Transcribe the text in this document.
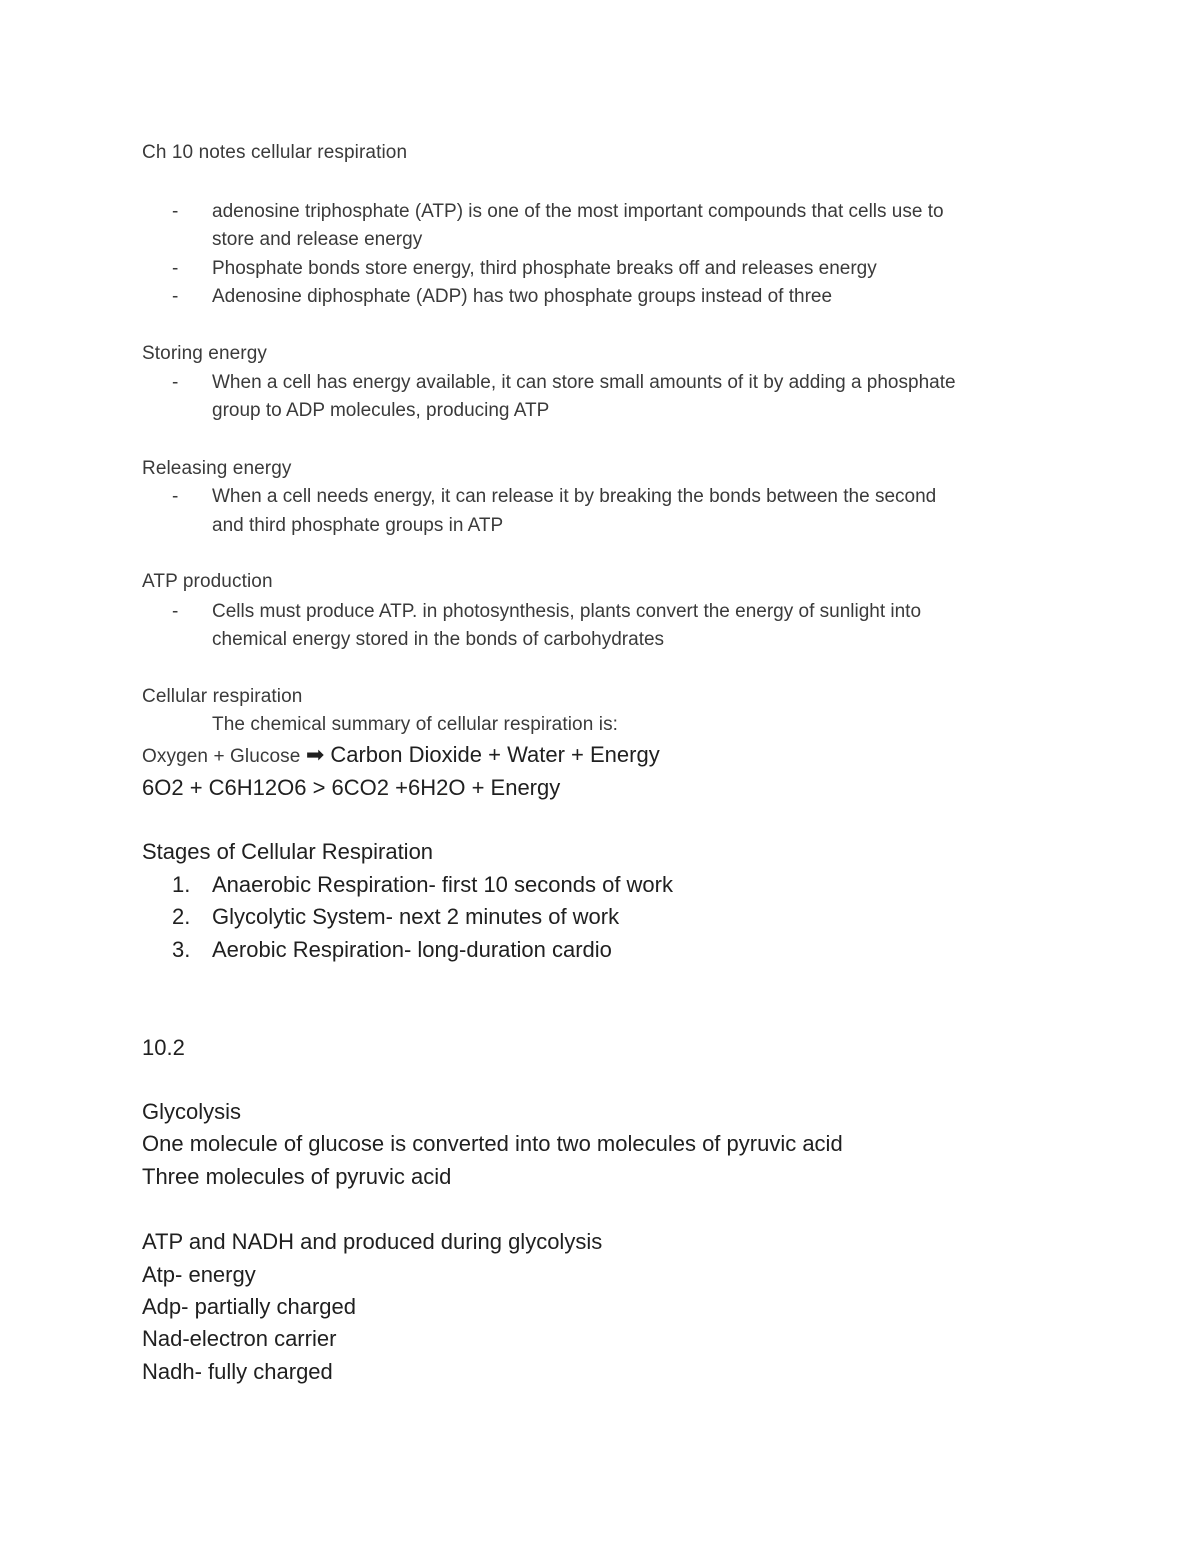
Ch 10 notes cellular respiration
- adenosine triphosphate (ATP) is one of the most important compounds that cells use to
store and release energy
- Phosphate bonds store energy, third phosphate breaks off and releases energy
- Adenosine diphosphate (ADP) has two phosphate groups instead of three
Storing energy
- When a cell has energy available, it can store small amounts of it by adding a phosphate
group to ADP molecules, producing ATP
Releasing energy
- When a cell needs energy, it can release it by breaking the bonds between the second
and third phosphate groups in ATP
ATP production
- Cells must produce ATP. in photosynthesis, plants convert the energy of sunlight into
chemical energy stored in the bonds of carbohydrates
Cellular respiration
The chemical summary of cellular respiration is:
Oxygen + Glucose ➡ Carbon Dioxide + Water + Energy
6O2 + C6H12O6 > 6CO2 +6H2O + Energy
Stages of Cellular Respiration
1. Anaerobic Respiration- first 10 seconds of work
2. Glycolytic System- next 2 minutes of work
3. Aerobic Respiration- long-duration cardio
10.2
Glycolysis
One molecule of glucose is converted into two molecules of pyruvic acid
Three molecules of pyruvic acid
ATP and NADH and produced during glycolysis
Atp- energy
Adp- partially charged
Nad-electron carrier
Nadh- fully charged
